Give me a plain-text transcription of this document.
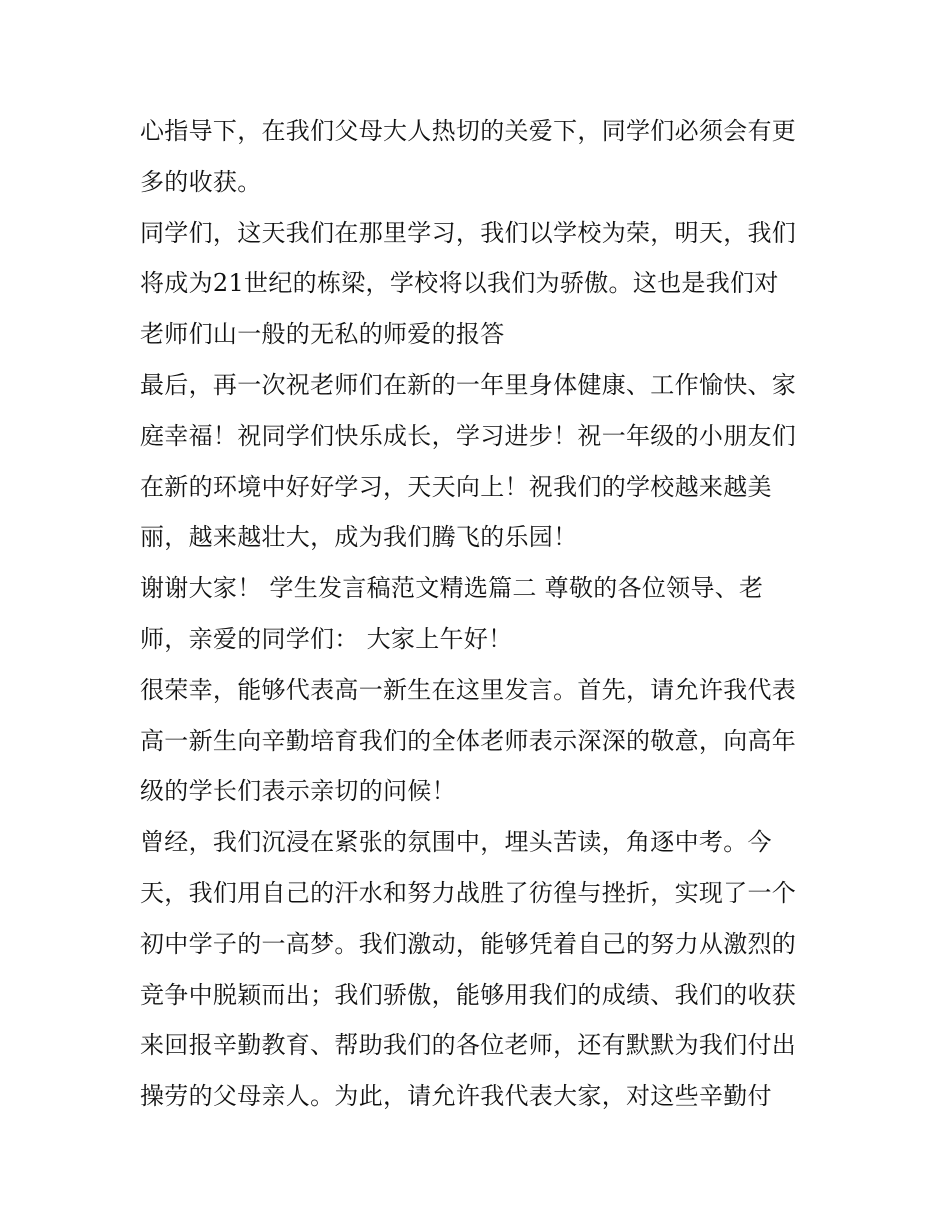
心指导下，在我们父母大人热切的关爱下，同学们必须会有更
多的收获。
同学们，这天我们在那里学习，我们以学校为荣，明天，我们
将成为21世纪的栋梁，学校将以我们为骄傲。这也是我们对
老师们山一般的无私的师爱的报答
最后，再一次祝老师们在新的一年里身体健康、工作愉快、家
庭幸福！祝同学们快乐成长，学习进步！祝一年级的小朋友们
在新的环境中好好学习，天天向上！祝我们的学校越来越美
丽，越来越壮大，成为我们腾飞的乐园！
谢谢大家！ 学生发言稿范文精选篇二 尊敬的各位领导、老
师，亲爱的同学们： 大家上午好！
很荣幸，能够代表高一新生在这里发言。首先，请允许我代表
高一新生向辛勤培育我们的全体老师表示深深的敬意，向高年
级的学长们表示亲切的问候！
曾经，我们沉浸在紧张的氛围中，埋头苦读，角逐中考。今
天，我们用自己的汗水和努力战胜了彷徨与挫折，实现了一个
初中学子的一高梦。我们激动，能够凭着自己的努力从激烈的
竞争中脱颖而出；我们骄傲，能够用我们的成绩、我们的收获
来回报辛勤教育、帮助我们的各位老师，还有默默为我们付出
操劳的父母亲人。为此，请允许我代表大家，对这些辛勤付
